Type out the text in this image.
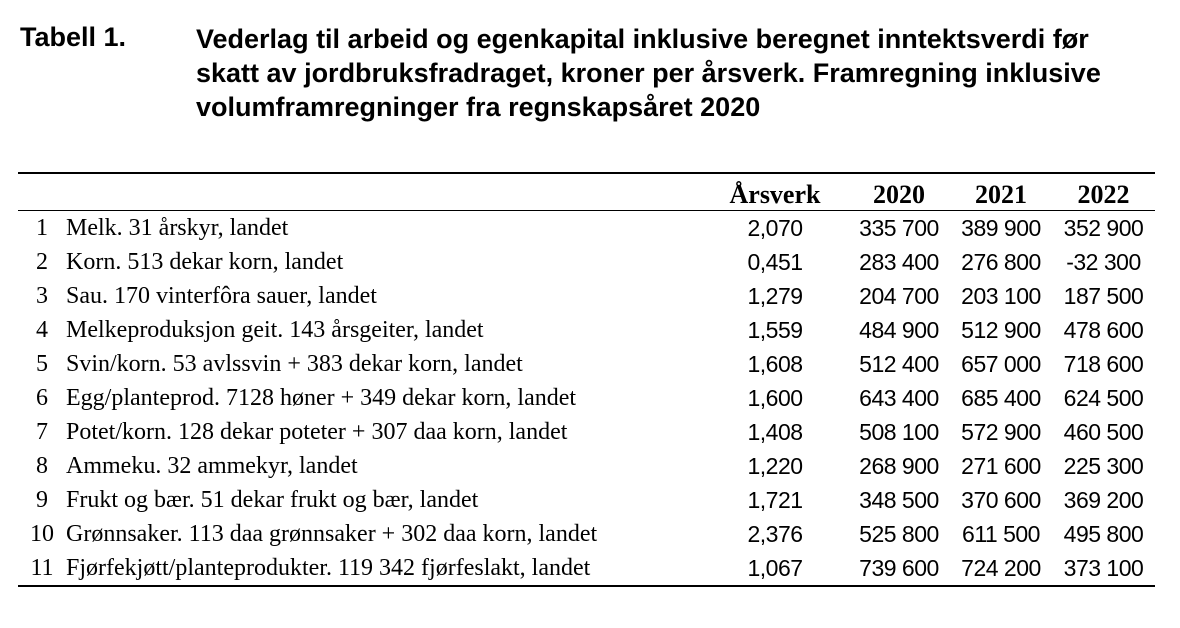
Tabell 1.	Vederlag til arbeid og egenkapital inklusive beregnet inntektsverdi før skatt av jordbruksfradraget, kroner per årsverk. Framregning inklusive volumframregninger fra regnskapsåret 2020
		Årsverk	2020	2021	2022
1	Melk. 31 årskyr, landet	2,070	335 700	389 900	352 900
2	Korn. 513 dekar korn, landet	0,451	283 400	276 800	-32 300
3	Sau. 170 vinterfôra sauer, landet	1,279	204 700	203 100	187 500
4	Melkeproduksjon geit. 143 årsgeiter, landet	1,559	484 900	512 900	478 600
5	Svin/korn. 53 avlssvin + 383 dekar korn, landet	1,608	512 400	657 000	718 600
6	Egg/planteprod. 7128 høner + 349 dekar korn, landet	1,600	643 400	685 400	624 500
7	Potet/korn. 128 dekar poteter + 307 daa korn, landet	1,408	508 100	572 900	460 500
8	Ammeku. 32 ammekyr, landet	1,220	268 900	271 600	225 300
9	Frukt og bær. 51 dekar frukt og bær, landet	1,721	348 500	370 600	369 200
10	Grønnsaker. 113 daa grønnsaker + 302 daa korn, landet	2,376	525 800	611 500	495 800
11	Fjørfekjøtt/planteprodukter. 119 342 fjørfeslakt, landet	1,067	739 600	724 200	373 100
